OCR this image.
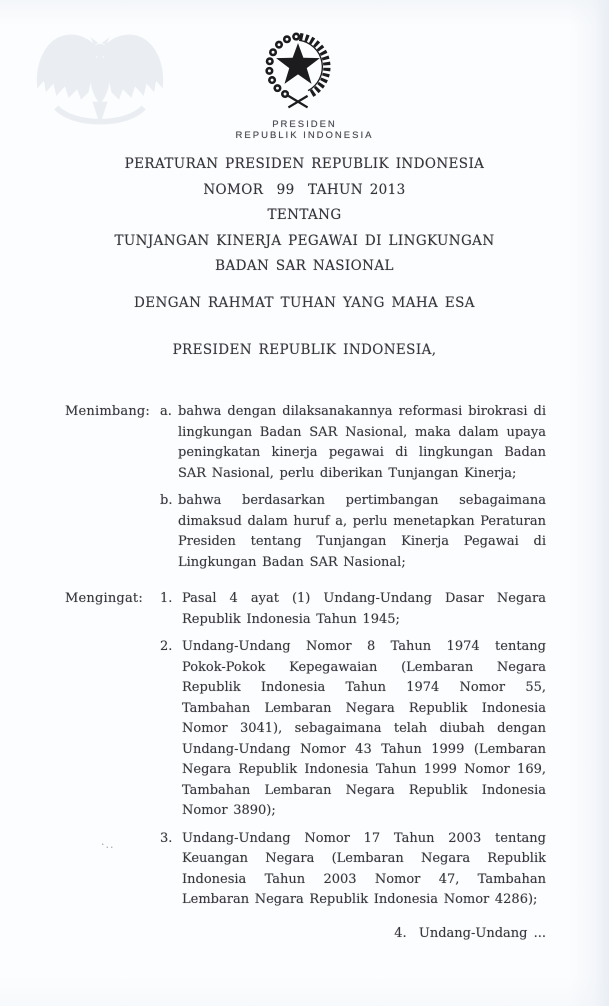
PRESIDEN
REPUBLIK INDONESIA
PERATURAN PRESIDEN REPUBLIK INDONESIA
NOMOR  99  TAHUN 2013
TENTANG
TUNJANGAN KINERJA PEGAWAI DI LINGKUNGAN
BADAN SAR NASIONAL
DENGAN RAHMAT TUHAN YANG MAHA ESA
PRESIDEN REPUBLIK INDONESIA,
Menimbang: a. bahwa dengan dilaksanakannya reformasi birokrasi di lingkungan Badan SAR Nasional, maka dalam upaya peningkatan kinerja pegawai di lingkungan Badan SAR Nasional, perlu diberikan Tunjangan Kinerja;
b. bahwa berdasarkan pertimbangan sebagaimana dimaksud dalam huruf a, perlu menetapkan Peraturan Presiden tentang Tunjangan Kinerja Pegawai di Lingkungan Badan SAR Nasional;
Mengingat:	1. Pasal 4 ayat (1) Undang-Undang Dasar Negara Republik Indonesia Tahun 1945;
2. Undang-Undang Nomor 8 Tahun 1974 tentang Pokok-Pokok Kepegawaian (Lembaran Negara Republik Indonesia Tahun 1974 Nomor 55, Tambahan Lembaran Negara Republik Indonesia Nomor 3041), sebagaimana telah diubah dengan Undang-Undang Nomor 43 Tahun 1999 (Lembaran Negara Republik Indonesia Tahun 1999 Nomor 169, Tambahan Lembaran Negara Republik Indonesia Nomor 3890);
3. Undang-Undang Nomor 17 Tahun 2003 tentang Keuangan Negara (Lembaran Negara Republik Indonesia Tahun 2003 Nomor 47, Tambahan Lembaran Negara Republik Indonesia Nomor 4286);
4.  Undang-Undang ...
·..
